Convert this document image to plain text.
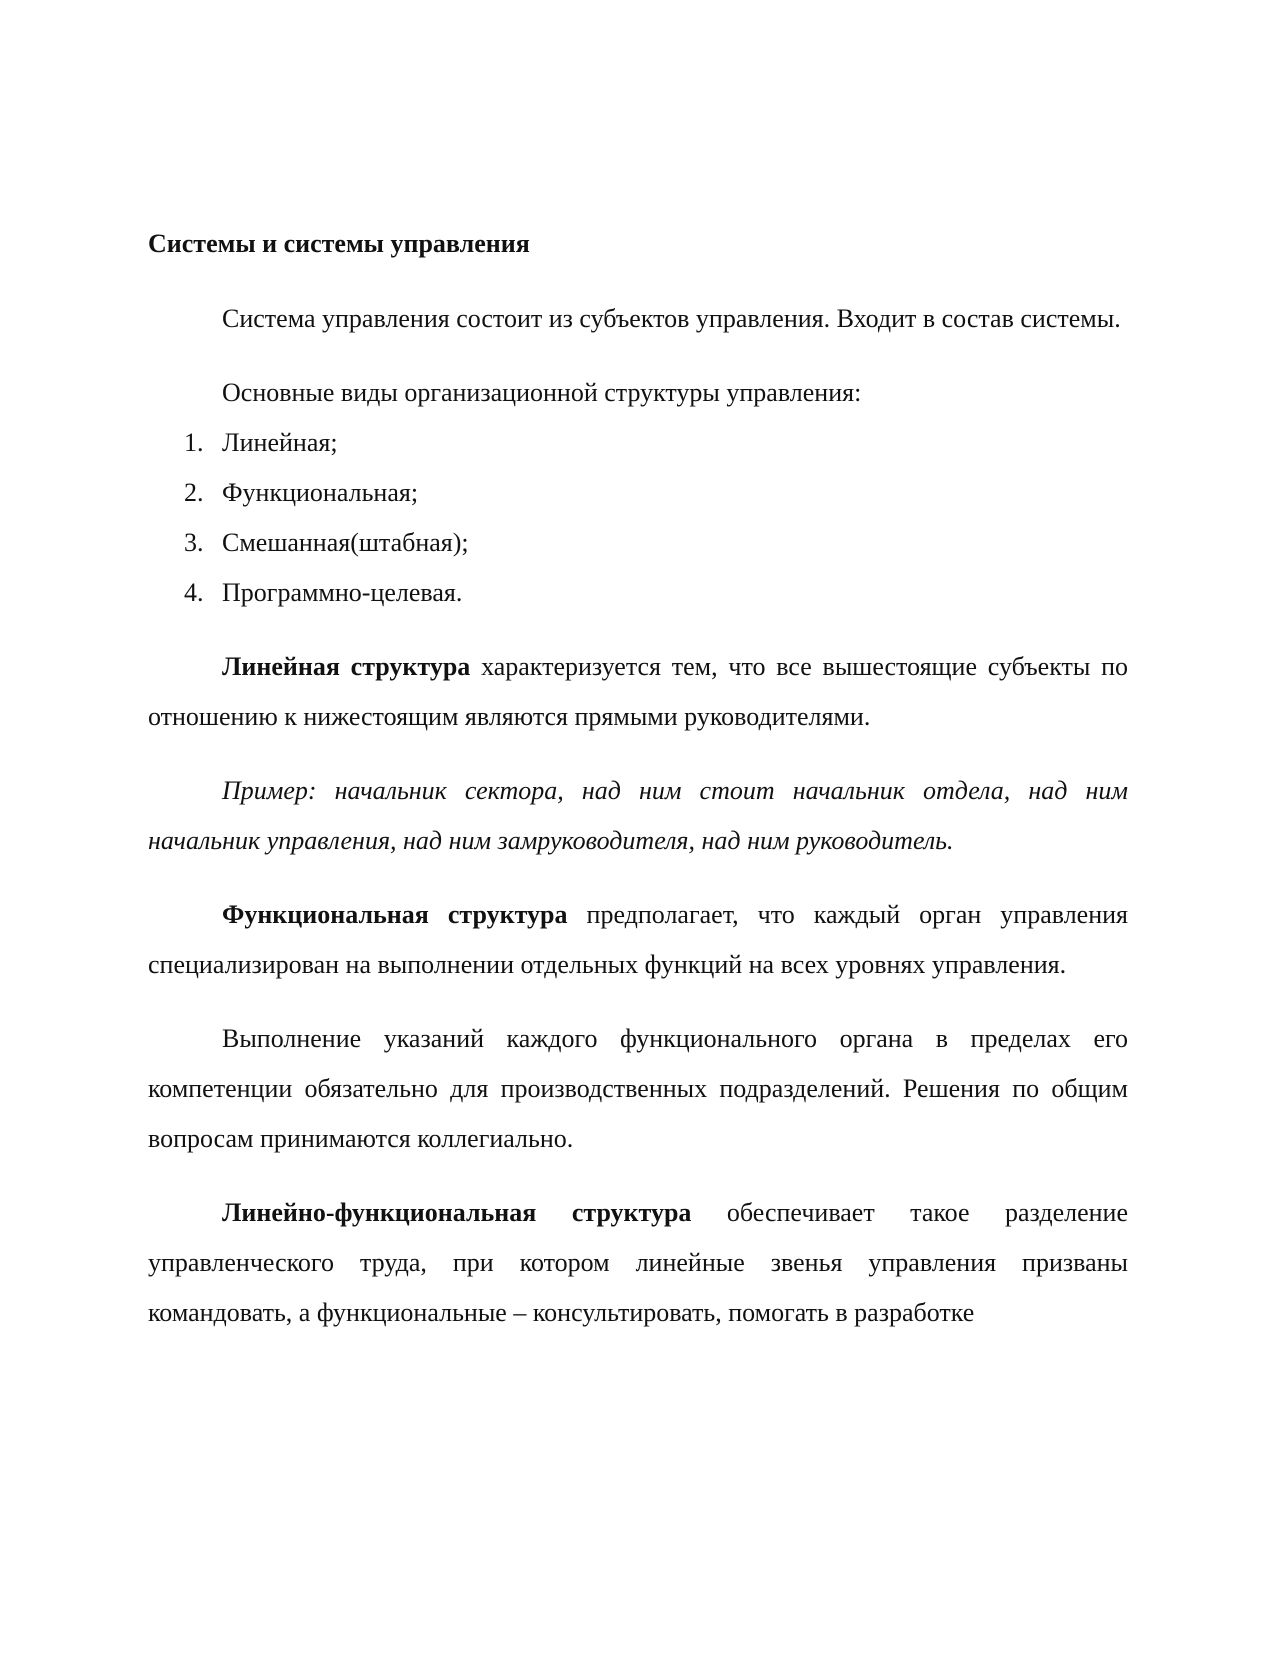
Системы и системы управления

Система управления состоит из субъектов управления. Входит в состав системы.

Основные виды организационной структуры управления:

1. Линейная;
2. Функциональная;
3. Смешанная(штабная);
4. Программно-целевая.

Линейная структура характеризуется тем, что все вышестоящие субъекты по отношению к нижестоящим являются прямыми руководителями.

Пример: начальник сектора, над ним стоит начальник отдела, над ним начальник управления, над ним замруководителя, над ним руководитель.

Функциональная структура предполагает, что каждый орган управления специализирован на выполнении отдельных функций на всех уровнях управления.

Выполнение указаний каждого функционального органа в пределах его компетенции обязательно для производственных подразделений. Решения по общим вопросам принимаются коллегиально.

Линейно-функциональная структура обеспечивает такое разделение управленческого труда, при котором линейные звенья управления призваны командовать, а функциональные – консультировать, помогать в разработке
